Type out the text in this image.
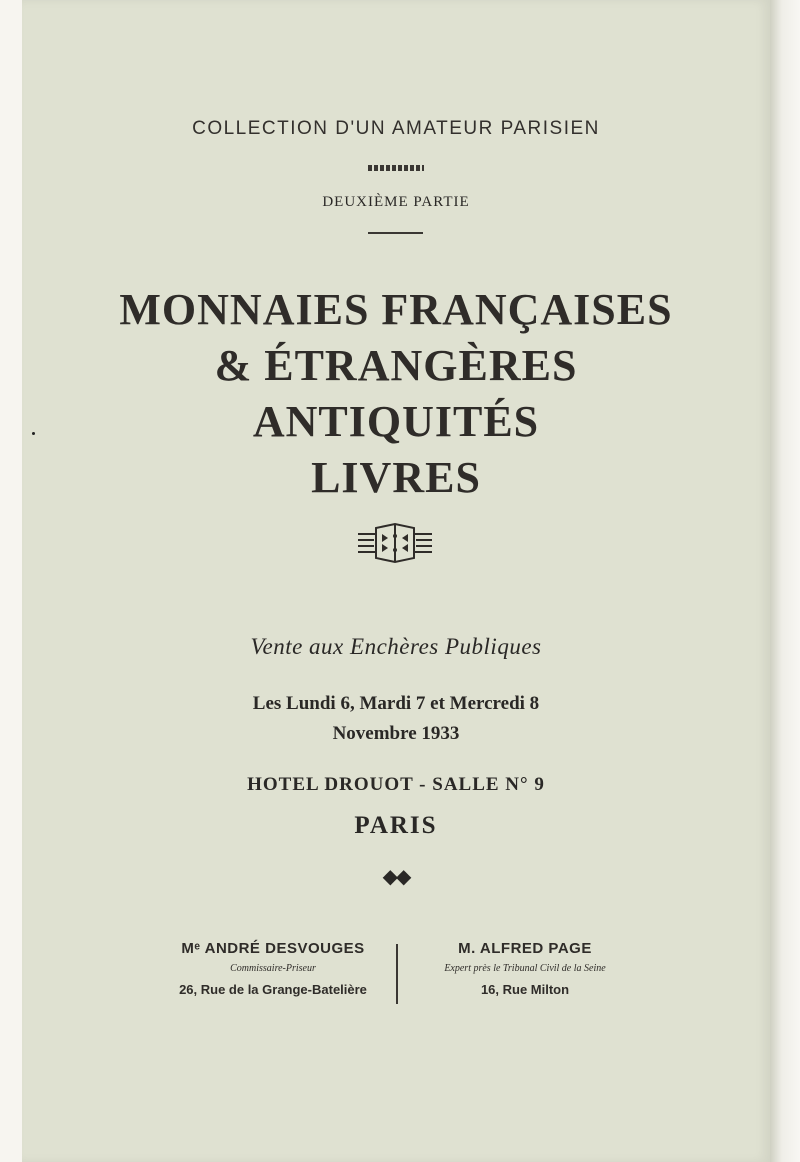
COLLECTION D'UN AMATEUR PARISIEN
DEUXIÈME PARTIE
MONNAIES FRANÇAISES
& ÉTRANGÈRES
ANTIQUITÉS
LIVRES
Vente aux Enchères Publiques
Les Lundi 6, Mardi 7 et Mercredi 8
Novembre 1933
HOTEL DROUOT - SALLE N° 9
PARIS
◆◆
Mᵉ ANDRÉ DESVOUGES
Commissaire-Priseur
26, Rue de la Grange-Batelière
M. ALFRED PAGE
Expert près le Tribunal Civil de la Seine
16, Rue Milton
